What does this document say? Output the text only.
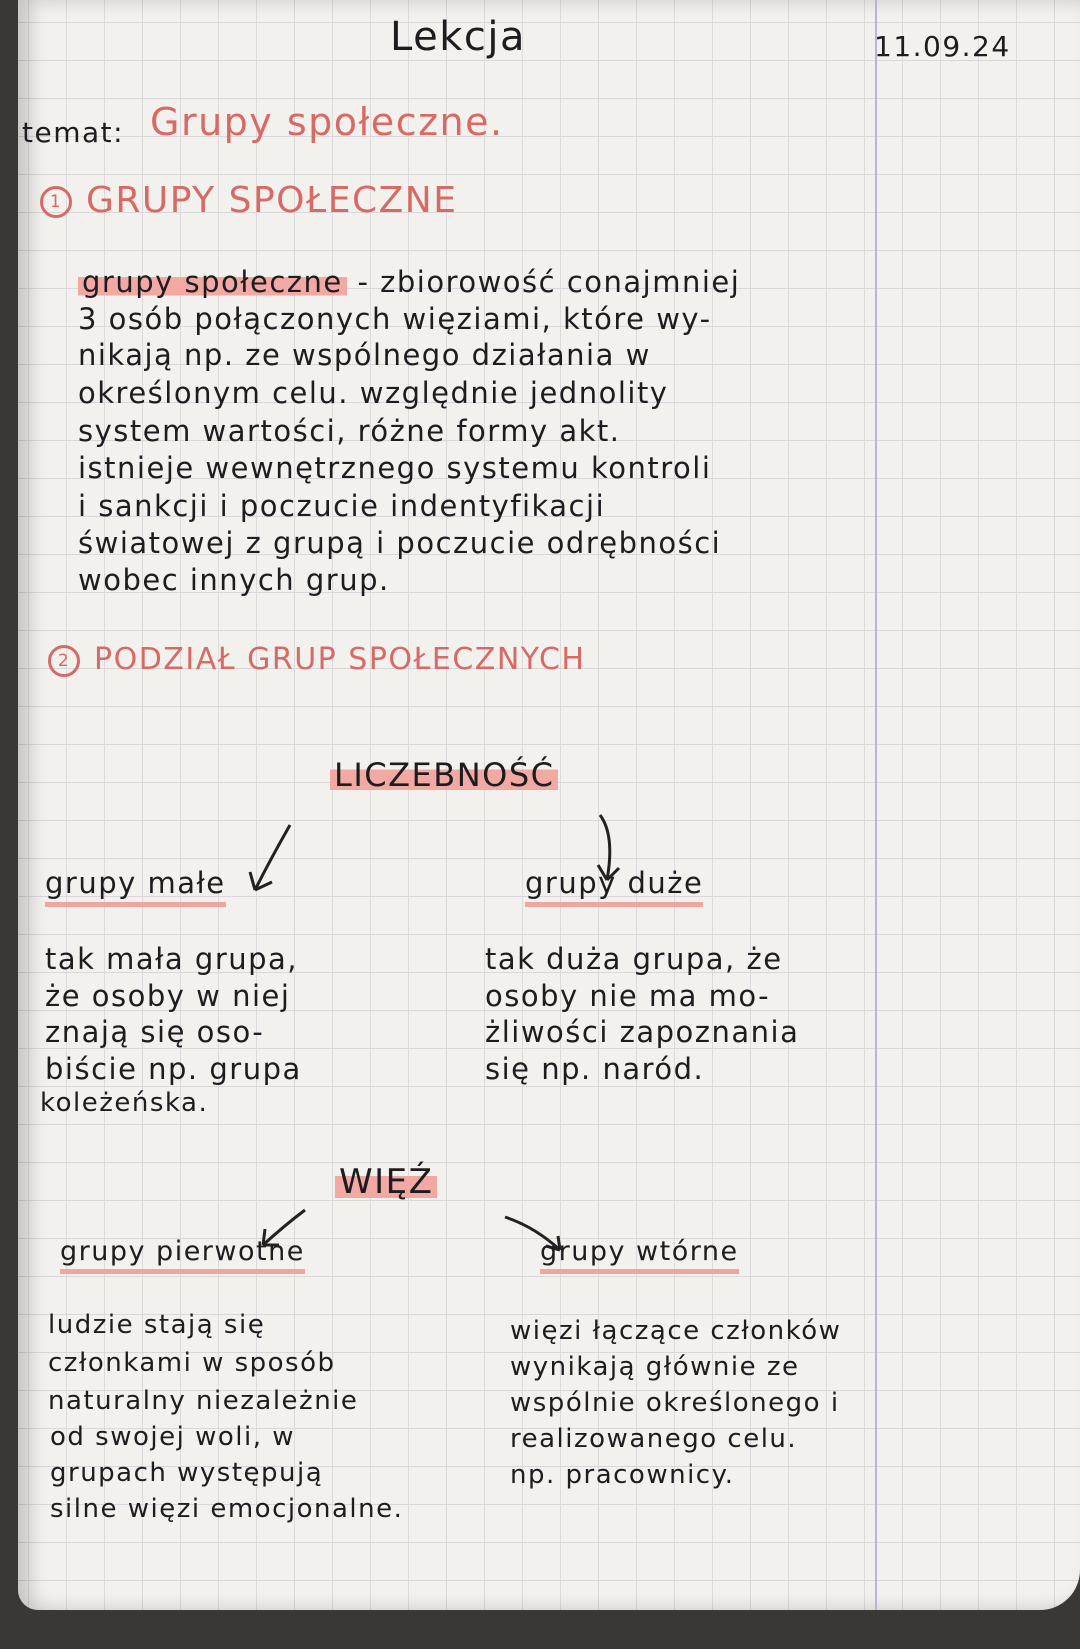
Lekcja	11.09.24
temat: Grupy społeczne.
1 GRUPY SPOŁECZNE
grupy społeczne - zbiorowość conajmniej
3 osób połączonych więziami, które wy-
nikają np. ze wspólnego działania w
określonym celu. względnie jednolity
system wartości, różne formy akt.
istnieje wewnętrznego systemu kontroli
i sankcji i poczucie indentyfikacji
światowej z grupą i poczucie odrębności
wobec innych grup.
2 PODZIAŁ GRUP SPOŁECZNYCH
LICZEBNOŚĆ
grupy małe	grupy duże
tak mała grupa,
że osoby w niej
znają się oso-
biście np. grupa
koleżeńska.
tak duża grupa, że
osoby nie ma mo-
żliwości zapoznania
się np. naród.
WIĘŹ
grupy pierwotne	grupy wtórne
ludzie stają się
członkami w sposób
naturalny niezależnie
od swojej woli, w
grupach występują
silne więzi emocjonalne.
więzi łączące członków
wynikają głównie ze
wspólnie określonego i
realizowanego celu.
np. pracownicy.
